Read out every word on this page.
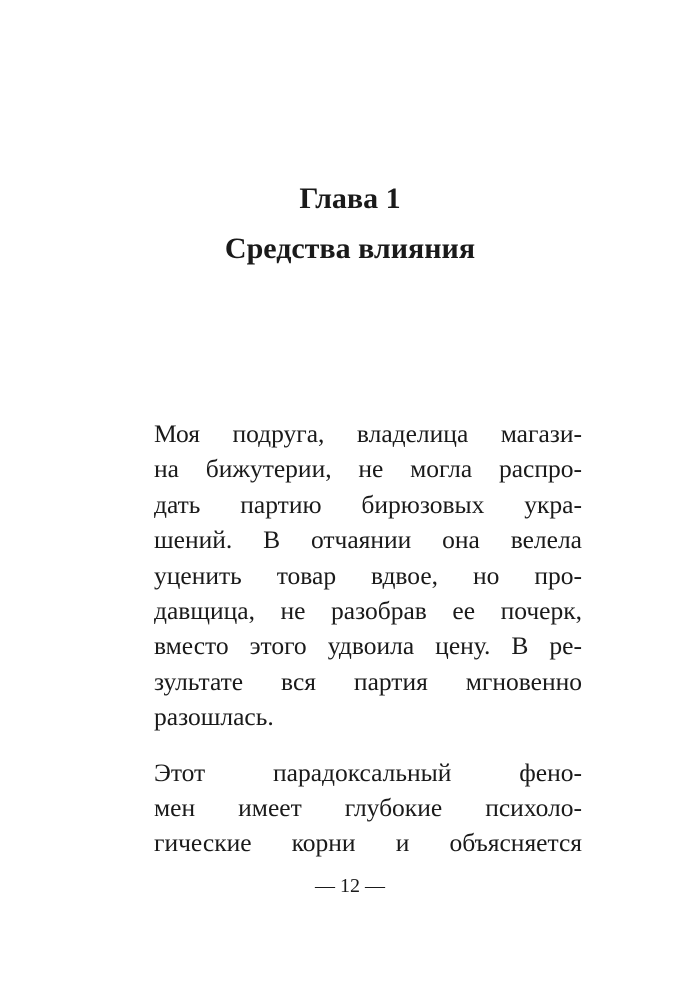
Глава 1
Средства влияния

Моя подруга, владелица магази-
на бижутерии, не могла распро-
дать партию бирюзовых укра-
шений. В отчаянии она велела
уценить товар вдвое, но про-
давщица, не разобрав ее почерк,
вместо этого удвоила цену. В ре-
зультате вся партия мгновенно
разошлась.

Этот парадоксальный фено-
мен имеет глубокие психоло-
гические корни и объясняется

— 12 —
